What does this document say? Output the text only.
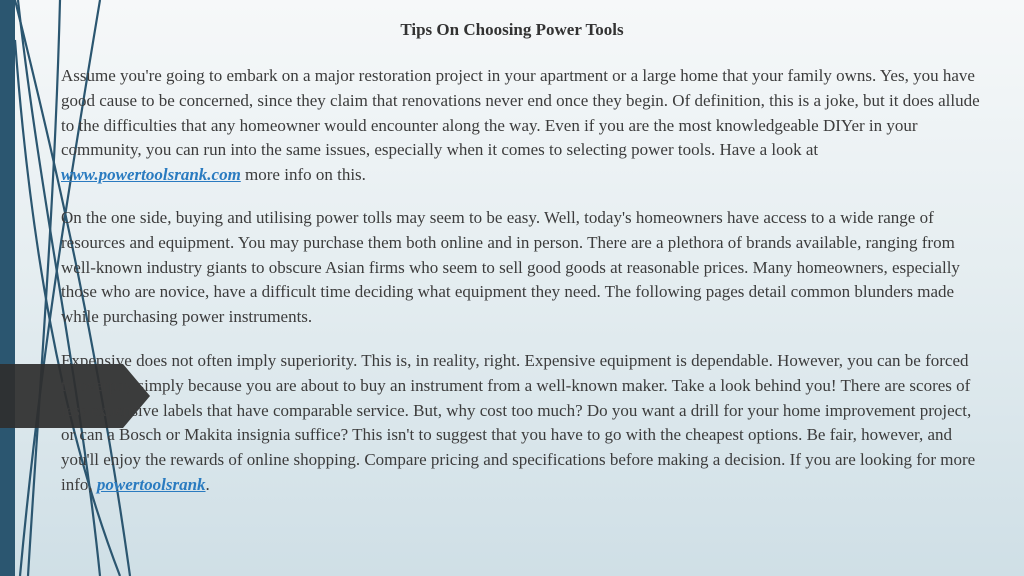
Tips On Choosing Power Tools

Assume you're going to embark on a major restoration project in your apartment or a large home that your family owns. Yes, you have good cause to be concerned, since they claim that renovations never end once they begin. Of definition, this is a joke, but it does allude to the difficulties that any homeowner would encounter along the way. Even if you are the most knowledgeable DIYer in your community, you can run into the same issues, especially when it comes to selecting power tools. Have a look at www.powertoolsrank.com more info on this.

On the one side, buying and utilising power tolls may seem to be easy. Well, today's homeowners have access to a wide range of resources and equipment. You may purchase them both online and in person. There are a plethora of brands available, ranging from well-known industry giants to obscure Asian firms who seem to sell good goods at reasonable prices. Many homeowners, especially those who are novice, have a difficult time deciding what equipment they need. The following pages detail common blunders made while purchasing power instruments.

Expensive does not often imply superiority. This is, in reality, right. Expensive equipment is dependable. However, you can be forced to overpay simply because you are about to buy an instrument from a well-known maker. Take a look behind you! There are scores of less expensive labels that have comparable service. But, why cost too much? Do you want a drill for your home improvement project, or can a Bosch or Makita insignia suffice? This isn't to suggest that you have to go with the cheapest options. Be fair, however, and you'll enjoy the rewards of online shopping. Compare pricing and specifications before making a decision. If you are looking for more info, powertoolsrank.
